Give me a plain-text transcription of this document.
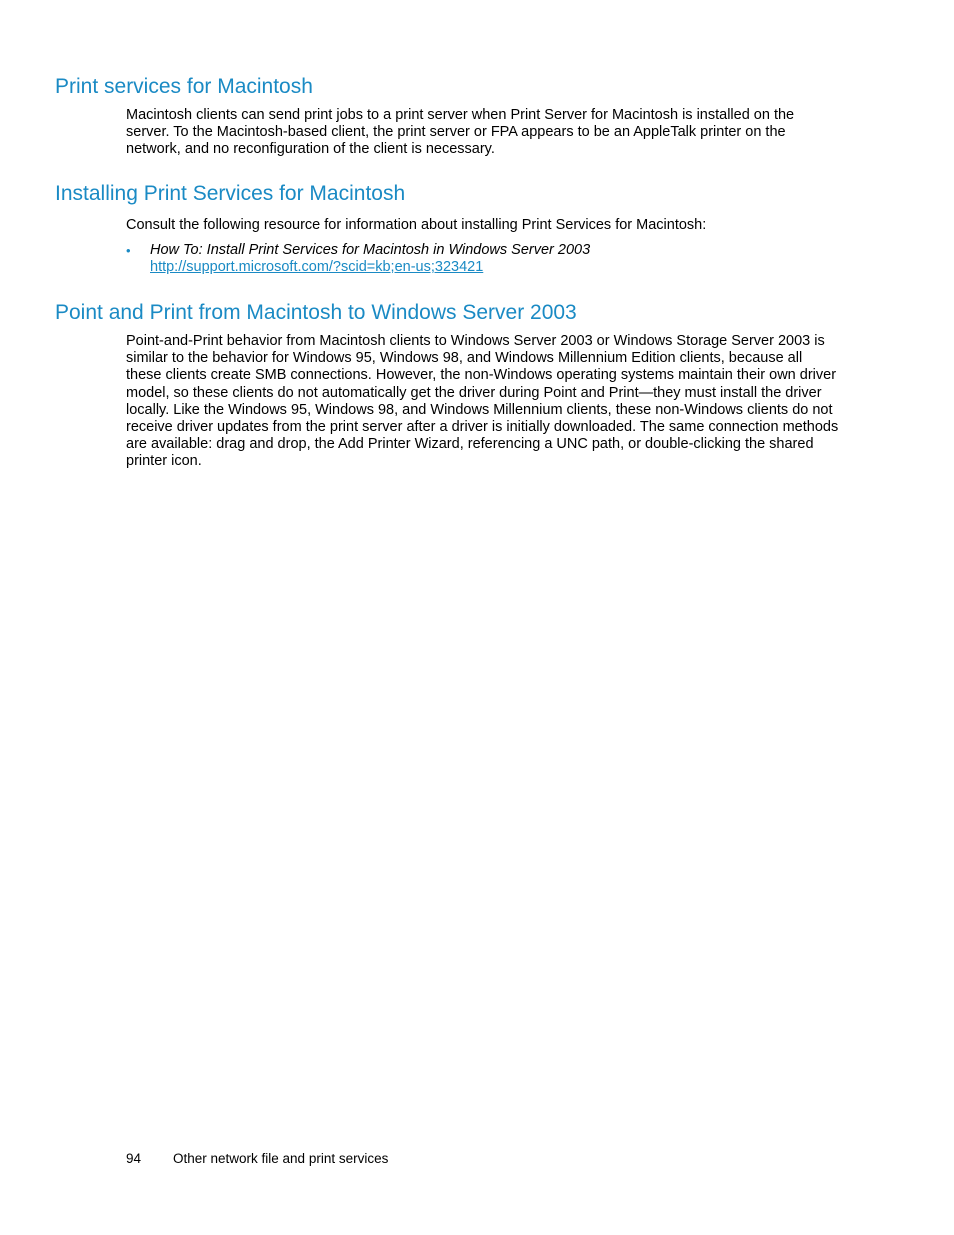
Print services for Macintosh

Macintosh clients can send print jobs to a print server when Print Server for Macintosh is installed on the server. To the Macintosh-based client, the print server or FPA appears to be an AppleTalk printer on the network, and no reconfiguration of the client is necessary.

Installing Print Services for Macintosh

Consult the following resource for information about installing Print Services for Macintosh:

• How To: Install Print Services for Macintosh in Windows Server 2003
http://support.microsoft.com/?scid=kb;en-us;323421
Point and Print from Macintosh to Windows Server 2003

Point-and-Print behavior from Macintosh clients to Windows Server 2003 or Windows Storage Server 2003 is similar to the behavior for Windows 95, Windows 98, and Windows Millennium Edition clients, because all these clients create SMB connections. However, the non-Windows operating systems maintain their own driver model, so these clients do not automatically get the driver during Point and Print—they must install the driver locally. Like the Windows 95, Windows 98, and Windows Millennium clients, these non-Windows clients do not receive driver updates from the print server after a driver is initially downloaded. The same connection methods are available: drag and drop, the Add Printer Wizard, referencing a UNC path, or double-clicking the shared printer icon.

94 Other network file and print services
